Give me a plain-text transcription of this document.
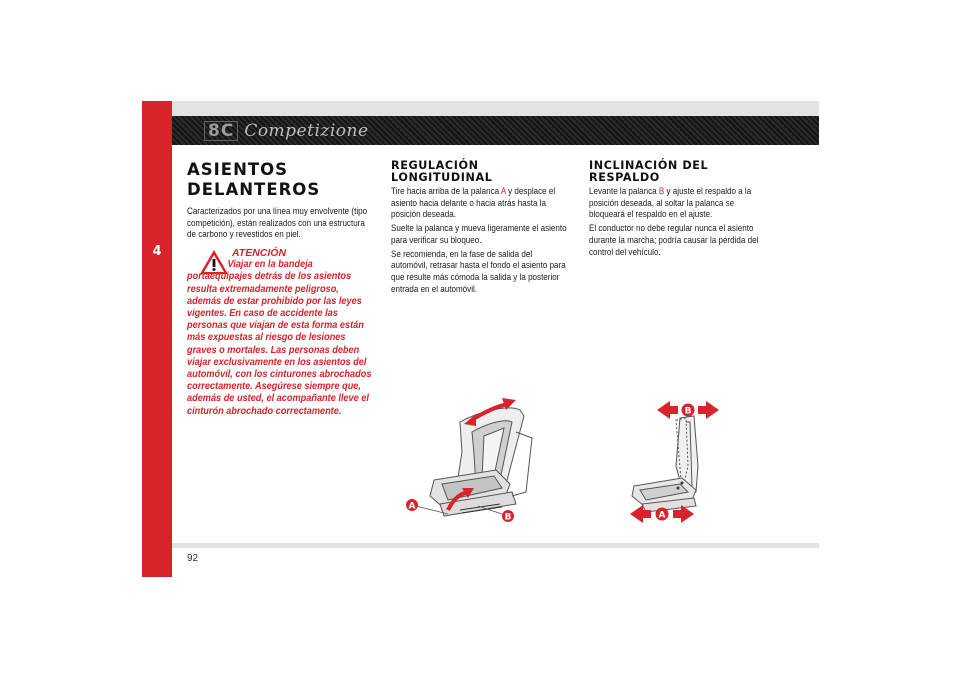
4
8C Competizione
ASIENTOS DELANTEROS

Caracterizados por una línea muy envolvente (tipo competición), están realizados con una estructura de carbono y revestidos en piel.

ATENCIÓN
Viajar en la bandeja
portaequipajes detrás de los asientos resulta extremadamente peligroso, además de estar prohibido por las leyes vigentes. En caso de accidente las personas que viajan de esta forma están más expuestas al riesgo de lesiones graves o mortales. Las personas deben viajar exclusivamente en los asientos del automóvil, con los cinturones abrochados correctamente. Asegúrese siempre que, además de usted, el acompañante lleve el cinturón abrochado correctamente.
REGULACIÓN LONGITUDINAL

Tire hacia arriba de la palanca A y desplace el asiento hacia delante o hacia atrás hasta la posición deseada.

Suelte la palanca y mueva ligeramente el asiento para verificar su bloqueo.

Se recomienda, en la fase de salida del automóvil, retrasar hasta el fondo el asiento para que resulte más cómoda la salida y la posterior entrada en el automóvil.

INCLINACIÓN DEL RESPALDO

Levante la palanca B y ajuste el respaldo a la posición deseada, al soltar la palanca se bloqueará el respaldo en el ajuste.

El conductor no debe regular nunca el asiento durante la marcha; podría causar la pérdida del control del vehículo.

A
B
B
A
92
